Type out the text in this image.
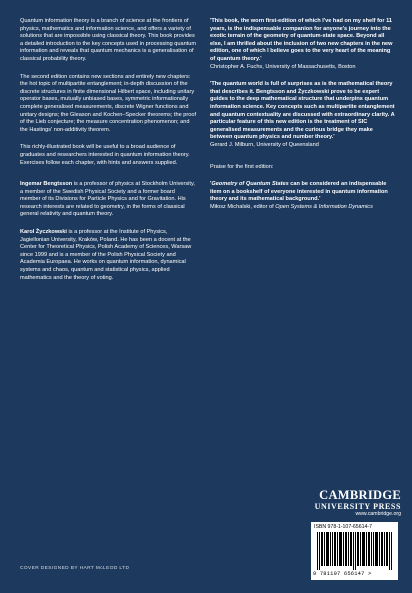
Quantum information theory is a branch of science at the frontiers of physics, mathematics and information science, and offers a variety of solutions that are impossible using classical theory. This book provides a detailed introduction to the key concepts used in processing quantum information and reveals that quantum mechanics is a generalisation of classical probability theory.

The second edition contains new sections and entirely new chapters: the hot topic of multipartite entanglement; in-depth discussion of the discrete structures in finite dimensional Hilbert space, including unitary operator bases, mutually unbiased bases, symmetric informationally complete generalised measurements, discrete Wigner functions and unitary designs; the Gleason and Kochen–Specker theorems; the proof of the Lieb conjecture; the measure concentration phenomenon; and the Hastings' non-additivity theorem.

This richly-illustrated book will be useful to a broad audience of graduates and researchers interested in quantum information theory. Exercises follow each chapter, with hints and answers supplied.

Ingemar Bengtsson is a professor of physics at Stockholm University, a member of the Swedish Physical Society and a former board member of its Divisions for Particle Physics and for Gravitation. His research interests are related to geometry, in the forms of classical general relativity and quantum theory.

Karol Życzkowski is a professor at the Institute of Physics, Jagiellonian University, Kraków, Poland. He has been a docent at the Center for Theoretical Physics, Polish Academy of Sciences, Warsaw since 1999 and is a member of the Polish Physical Society and Academia Europaea. He works on quantum information, dynamical systems and chaos, quantum and statistical physics, applied mathematics and the theory of voting.

'This book, the worn first-edition of which I've had on my shelf for 11 years, is the indispensable companion for anyone's journey into the exotic terrain of the geometry of quantum-state space. Beyond all else, I am thrilled about the inclusion of two new chapters in the new edition, one of which I believe goes to the very heart of the meaning of quantum theory.'
Christopher A. Fuchs, University of Massachusetts, Boston

'The quantum world is full of surprises as is the mathematical theory that describes it. Bengtsson and Życzkowski prove to be expert guides to the deep mathematical structure that underpins quantum information science. Key concepts such as multipartite entanglement and quantum contextuality are discussed with extraordinary clarity. A particular feature of this new edition is the treatment of SIC generalised measurements and the curious bridge they make between quantum physics and number theory.'
Gerard J. Milburn, University of Queensland

Praise for the first edition:

'Geometry of Quantum States can be considered an indispensable item on a bookshelf of everyone interested in quantum information theory and its mathematical background.'
Miłosz Michalski, editor of Open Systems & Information Dynamics

CAMBRIDGE
UNIVERSITY PRESS
www.cambridge.org
ISBN 978-1-107-65614-7
9 781107 656147 >
COVER DESIGNED BY HART McLEOD LTD
